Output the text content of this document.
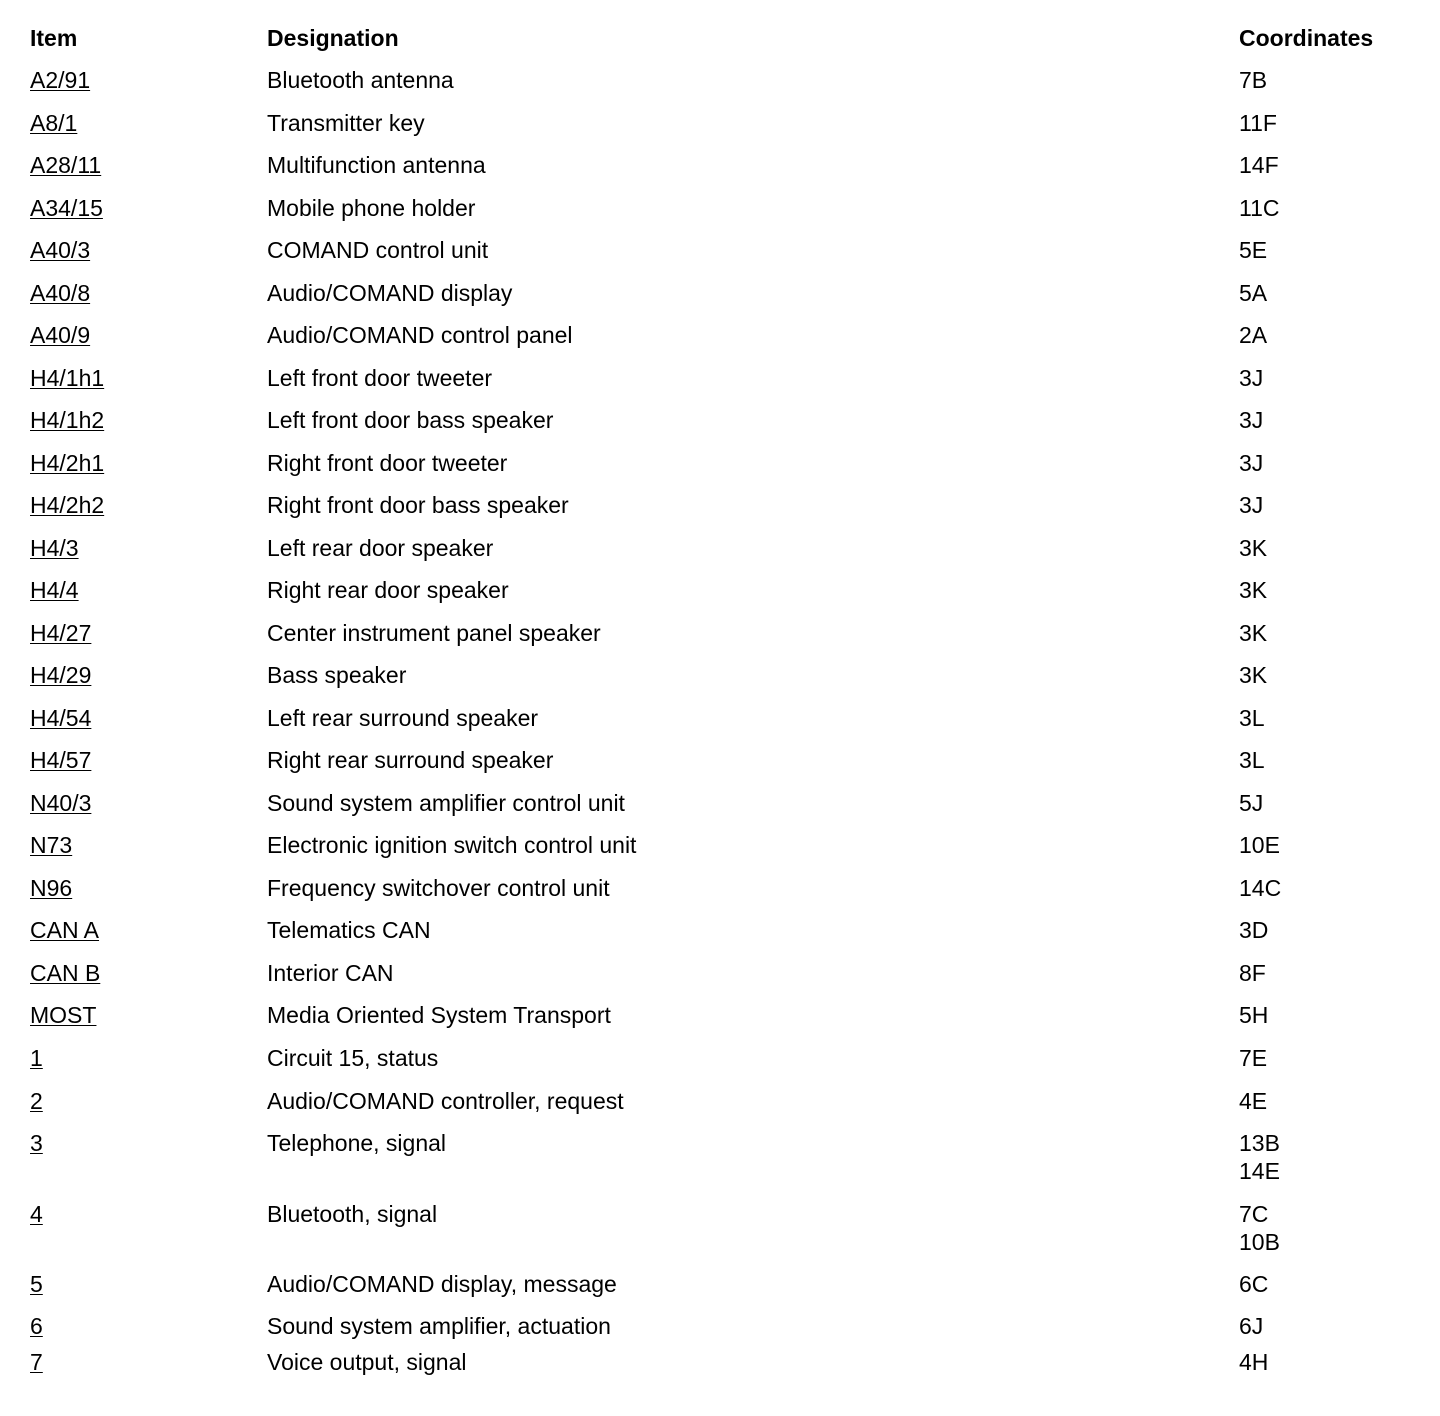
Item	Designation	Coordinates
A2/91	Bluetooth antenna	7B
A8/1	Transmitter key	11F
A28/11	Multifunction antenna	14F
A34/15	Mobile phone holder	11C
A40/3	COMAND control unit	5E
A40/8	Audio/COMAND display	5A
A40/9	Audio/COMAND control panel	2A
H4/1h1	Left front door tweeter	3J
H4/1h2	Left front door bass speaker	3J
H4/2h1	Right front door tweeter	3J
H4/2h2	Right front door bass speaker	3J
H4/3	Left rear door speaker	3K
H4/4	Right rear door speaker	3K
H4/27	Center instrument panel speaker	3K
H4/29	Bass speaker	3K
H4/54	Left rear surround speaker	3L
H4/57	Right rear surround speaker	3L
N40/3	Sound system amplifier control unit	5J
N73	Electronic ignition switch control unit	10E
N96	Frequency switchover control unit	14C
CAN A	Telematics CAN	3D
CAN B	Interior CAN	8F
MOST	Media Oriented System Transport	5H
1	Circuit 15, status	7E
2	Audio/COMAND controller, request	4E
3	Telephone, signal	13B
14E
4	Bluetooth, signal	7C
10B
5	Audio/COMAND display, message	6C
6	Sound system amplifier, actuation	6J
7	Voice output, signal	4H
